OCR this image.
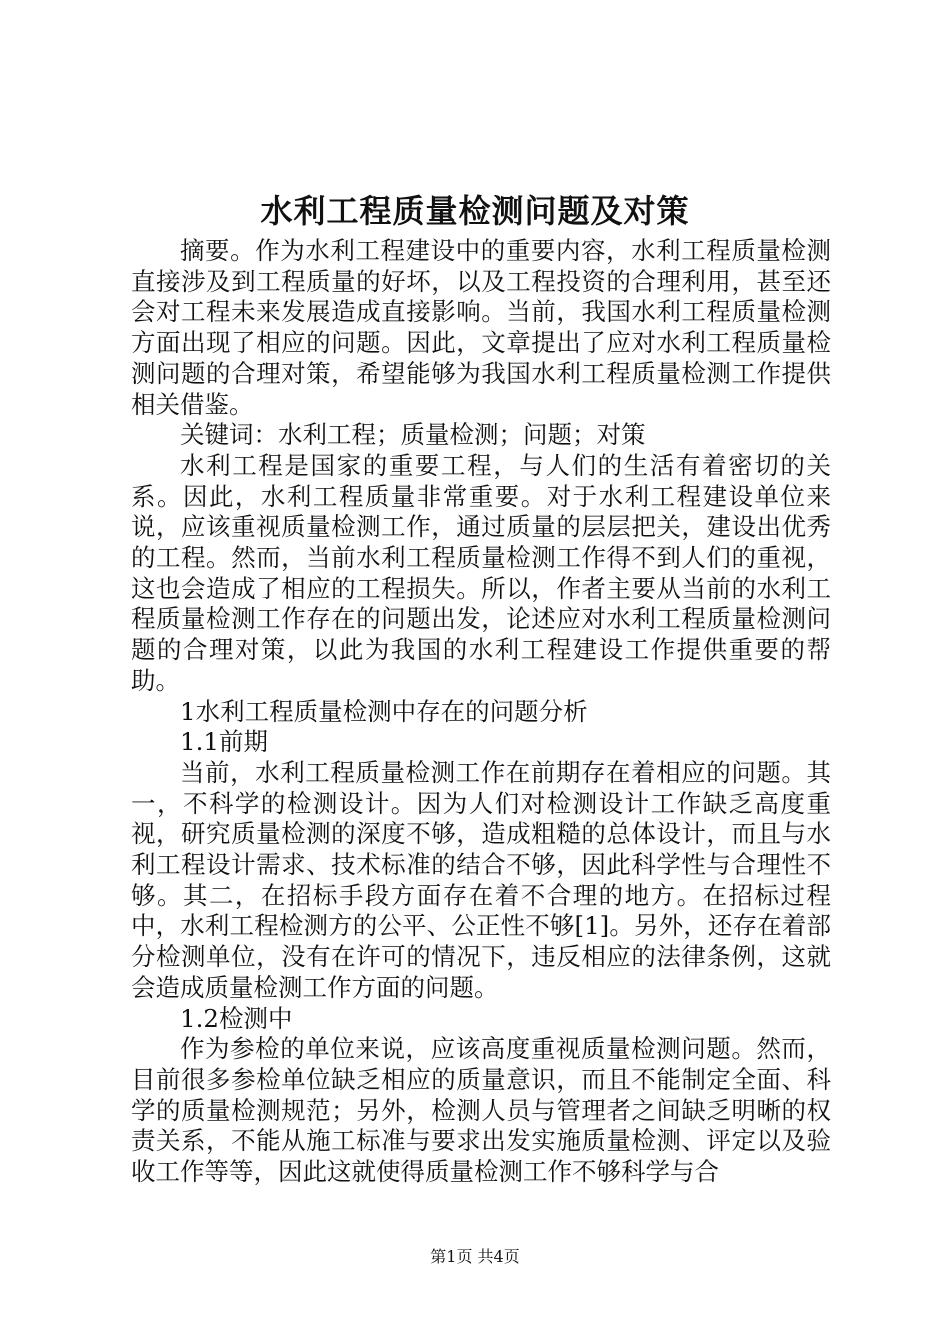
水利工程质量检测问题及对策

摘要。作为水利工程建设中的重要内容，水利工程质量检测直接涉及到工程质量的好坏，以及工程投资的合理利用，甚至还会对工程未来发展造成直接影响。当前，我国水利工程质量检测方面出现了相应的问题。因此，文章提出了应对水利工程质量检测问题的合理对策，希望能够为我国水利工程质量检测工作提供相关借鉴。

关键词：水利工程；质量检测；问题；对策

水利工程是国家的重要工程，与人们的生活有着密切的关系。因此，水利工程质量非常重要。对于水利工程建设单位来说，应该重视质量检测工作，通过质量的层层把关，建设出优秀的工程。然而，当前水利工程质量检测工作得不到人们的重视，这也会造成了相应的工程损失。所以，作者主要从当前的水利工程质量检测工作存在的问题出发，论述应对水利工程质量检测问题的合理对策，以此为我国的水利工程建设工作提供重要的帮助。

1水利工程质量检测中存在的问题分析

1.1前期

当前，水利工程质量检测工作在前期存在着相应的问题。其一，不科学的检测设计。因为人们对检测设计工作缺乏高度重视，研究质量检测的深度不够，造成粗糙的总体设计，而且与水利工程设计需求、技术标准的结合不够，因此科学性与合理性不够。其二，在招标手段方面存在着不合理的地方。在招标过程中，水利工程检测方的公平、公正性不够[1]。另外，还存在着部分检测单位，没有在许可的情况下，违反相应的法律条例，这就会造成质量检测工作方面的问题。

1.2检测中

作为参检的单位来说，应该高度重视质量检测问题。然而，目前很多参检单位缺乏相应的质量意识，而且不能制定全面、科学的质量检测规范；另外，检测人员与管理者之间缺乏明晰的权责关系，不能从施工标准与要求出发实施质量检测、评定以及验收工作等等，因此这就使得质量检测工作不够科学与合

第1页 共4页
